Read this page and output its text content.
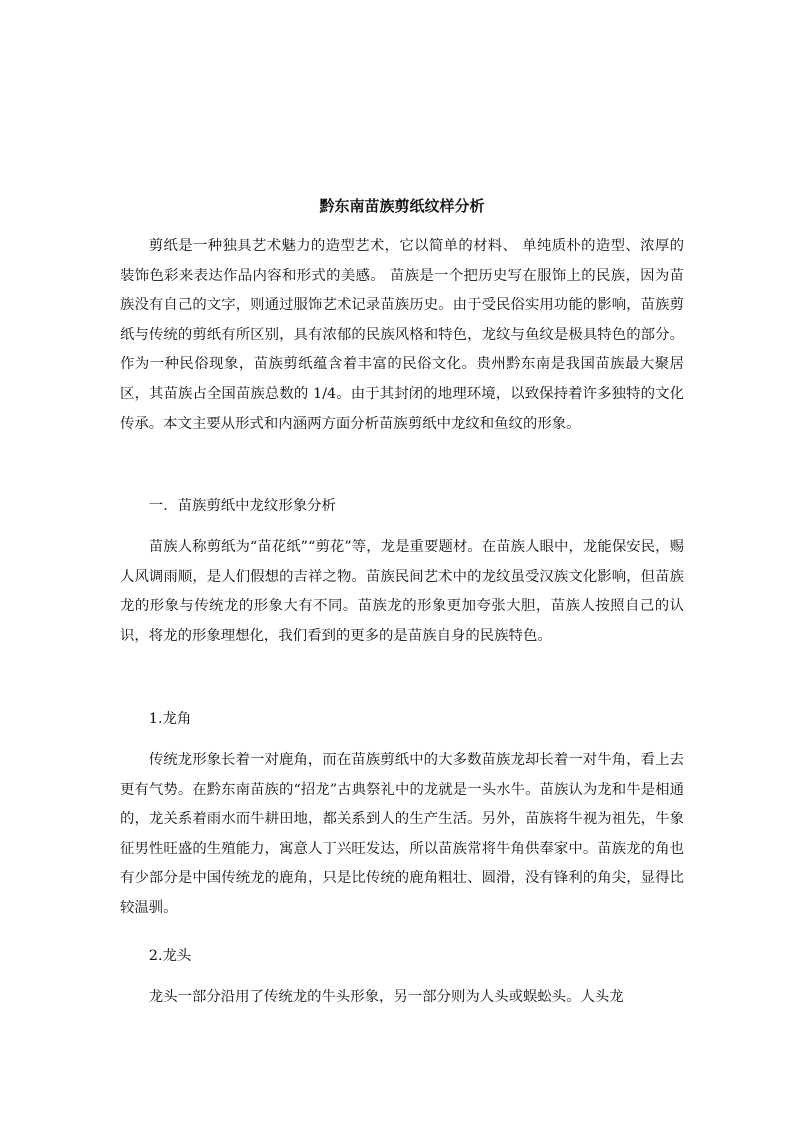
黔东南苗族剪纸纹样分析

剪纸是一种独具艺术魅力的造型艺术，它以简单的材料、 单纯质朴的造型、浓厚的装饰色彩来表达作品内容和形式的美感。 苗族是一个把历史写在服饰上的民族，因为苗族没有自己的文字，则通过服饰艺术记录苗族历史。由于受民俗实用功能的影响，苗族剪纸与传统的剪纸有所区别，具有浓郁的民族风格和特色，龙纹与鱼纹是极具特色的部分。作为一种民俗现象，苗族剪纸蕴含着丰富的民俗文化。贵州黔东南是我国苗族最大聚居区，其苗族占全国苗族总数的 1/4。由于其封闭的地理环境，以致保持着许多独特的文化传承。本文主要从形式和内涵两方面分析苗族剪纸中龙纹和鱼纹的形象。

一．苗族剪纸中龙纹形象分析

苗族人称剪纸为“苗花纸”“剪花”等，龙是重要题材。在苗族人眼中，龙能保安民，赐人风调雨顺，是人们假想的吉祥之物。苗族民间艺术中的龙纹虽受汉族文化影响，但苗族龙的形象与传统龙的形象大有不同。苗族龙的形象更加夸张大胆，苗族人按照自己的认识，将龙的形象理想化，我们看到的更多的是苗族自身的民族特色。

1.龙角

传统龙形象长着一对鹿角，而在苗族剪纸中的大多数苗族龙却长着一对牛角，看上去更有气势。在黔东南苗族的“招龙”古典祭礼中的龙就是一头水牛。苗族认为龙和牛是相通的，龙关系着雨水而牛耕田地，都关系到人的生产生活。另外，苗族将牛视为祖先，牛象征男性旺盛的生殖能力，寓意人丁兴旺发达，所以苗族常将牛角供奉家中。苗族龙的角也有少部分是中国传统龙的鹿角，只是比传统的鹿角粗壮、圆滑，没有锋利的角尖，显得比较温驯。

2.龙头

龙头一部分沿用了传统龙的牛头形象，另一部分则为人头或蜈蚣头。人头龙
